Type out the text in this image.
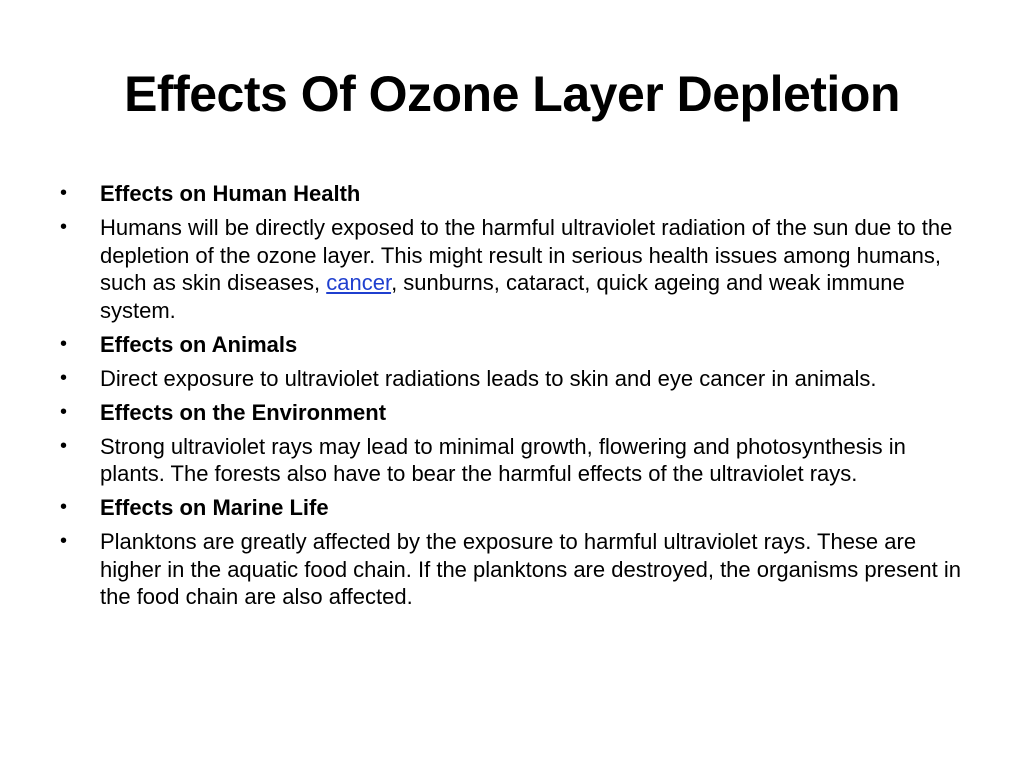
Effects Of Ozone Layer Depletion
• Effects on Human Health
• Humans will be directly exposed to the harmful ultraviolet radiation of the sun due to the depletion of the ozone layer. This might result in serious health issues among humans, such as skin diseases, cancer, sunburns, cataract, quick ageing and weak immune system.
• Effects on Animals
• Direct exposure to ultraviolet radiations leads to skin and eye cancer in animals.
• Effects on the Environment
• Strong ultraviolet rays may lead to minimal growth, flowering and photosynthesis in plants. The forests also have to bear the harmful effects of the ultraviolet rays.
• Effects on Marine Life
• Planktons are greatly affected by the exposure to harmful ultraviolet rays. These are higher in the aquatic food chain. If the planktons are destroyed, the organisms present in the food chain are also affected.
